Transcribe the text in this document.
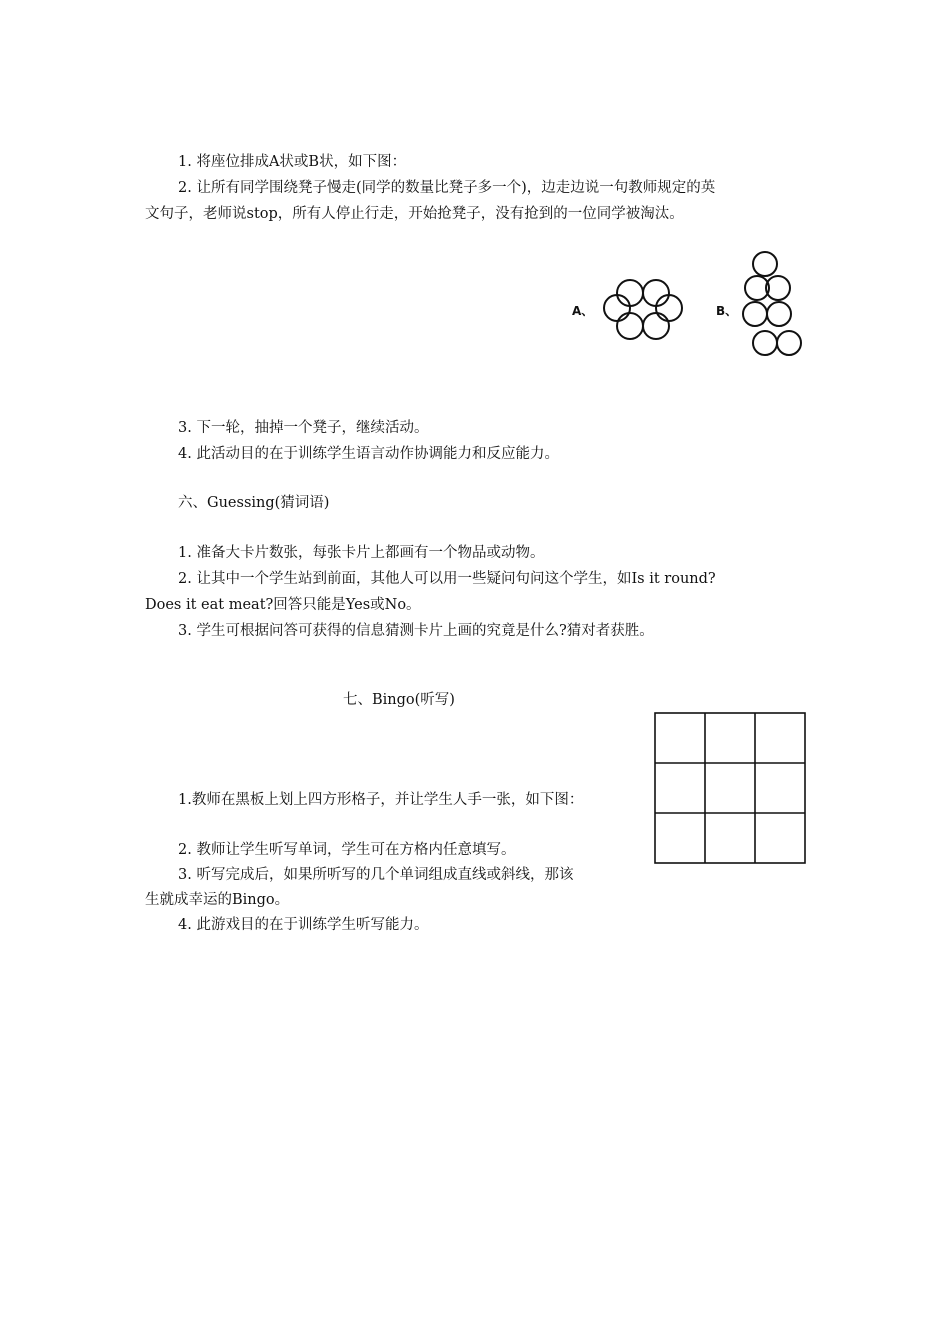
1. 将座位排成A状或B状，如下图：
2. 让所有同学围绕凳子慢走(同学的数量比凳子多一个)，边走边说一句教师规定的英
文句子，老师说stop，所有人停止行走，开始抢凳子，没有抢到的一位同学被淘汰。
A、	B、
3. 下一轮，抽掉一个凳子，继续活动。
4. 此活动目的在于训练学生语言动作协调能力和反应能力。
六、Guessing(猜词语)
1. 准备大卡片数张，每张卡片上都画有一个物品或动物。
2. 让其中一个学生站到前面，其他人可以用一些疑问句问这个学生，如Is it round?
Does it eat meat?回答只能是Yes或No。
3. 学生可根据问答可获得的信息猜测卡片上画的究竟是什么?猜对者获胜。
七、Bingo(听写)
1.教师在黑板上划上四方形格子，并让学生人手一张，如下图：
2. 教师让学生听写单词，学生可在方格内任意填写。
3. 听写完成后，如果所听写的几个单词组成直线或斜线，那该
生就成幸运的Bingo。
4. 此游戏目的在于训练学生听写能力。
